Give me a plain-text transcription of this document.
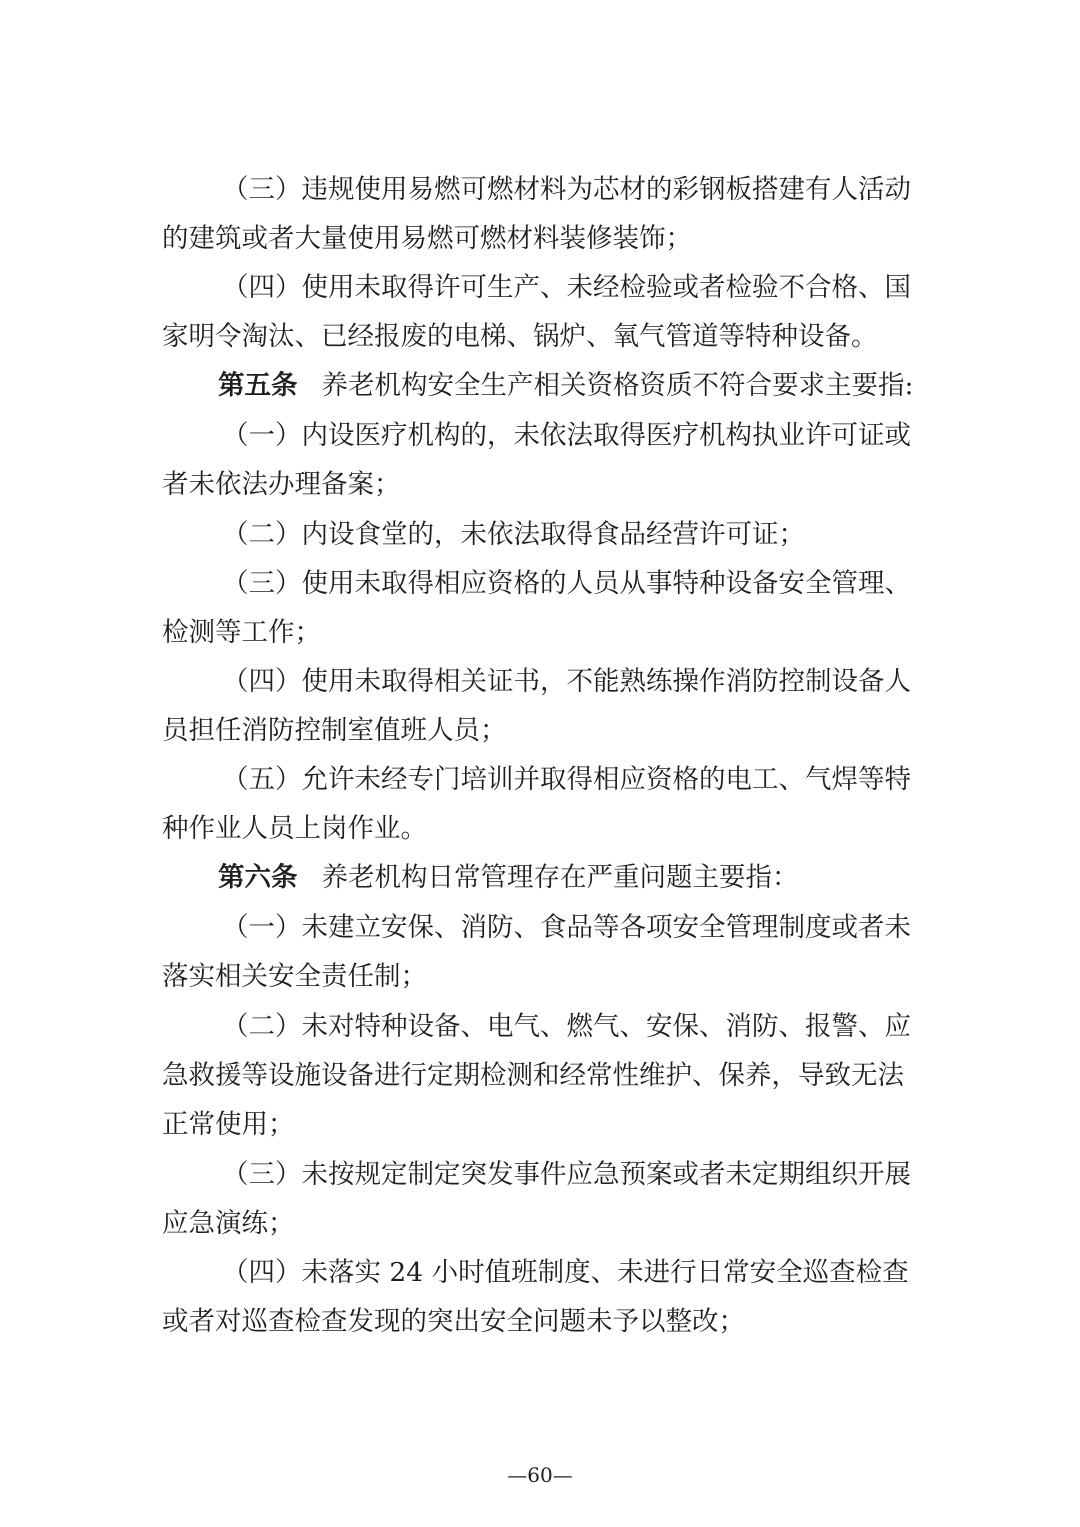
（三）违规使用易燃可燃材料为芯材的彩钢板搭建有人活动
的建筑或者大量使用易燃可燃材料装修装饰；
（四）使用未取得许可生产、未经检验或者检验不合格、国
家明令淘汰、已经报废的电梯、锅炉、氧气管道等特种设备。
第五条 养老机构安全生产相关资格资质不符合要求主要指:
（一）内设医疗机构的，未依法取得医疗机构执业许可证或
者未依法办理备案；
（二）内设食堂的，未依法取得食品经营许可证；
（三）使用未取得相应资格的人员从事特种设备安全管理、
检测等工作；
（四）使用未取得相关证书，不能熟练操作消防控制设备人
员担任消防控制室值班人员；
（五）允许未经专门培训并取得相应资格的电工、气焊等特
种作业人员上岗作业。
第六条 养老机构日常管理存在严重问题主要指：
（一）未建立安保、消防、食品等各项安全管理制度或者未
落实相关安全责任制；
（二）未对特种设备、电气、燃气、安保、消防、报警、应
急救援等设施设备进行定期检测和经常性维护、保养，导致无法
正常使用；
（三）未按规定制定突发事件应急预案或者未定期组织开展
应急演练；
（四）未落实 24 小时值班制度、未进行日常安全巡查检查
或者对巡查检查发现的突出安全问题未予以整改；
—60—
